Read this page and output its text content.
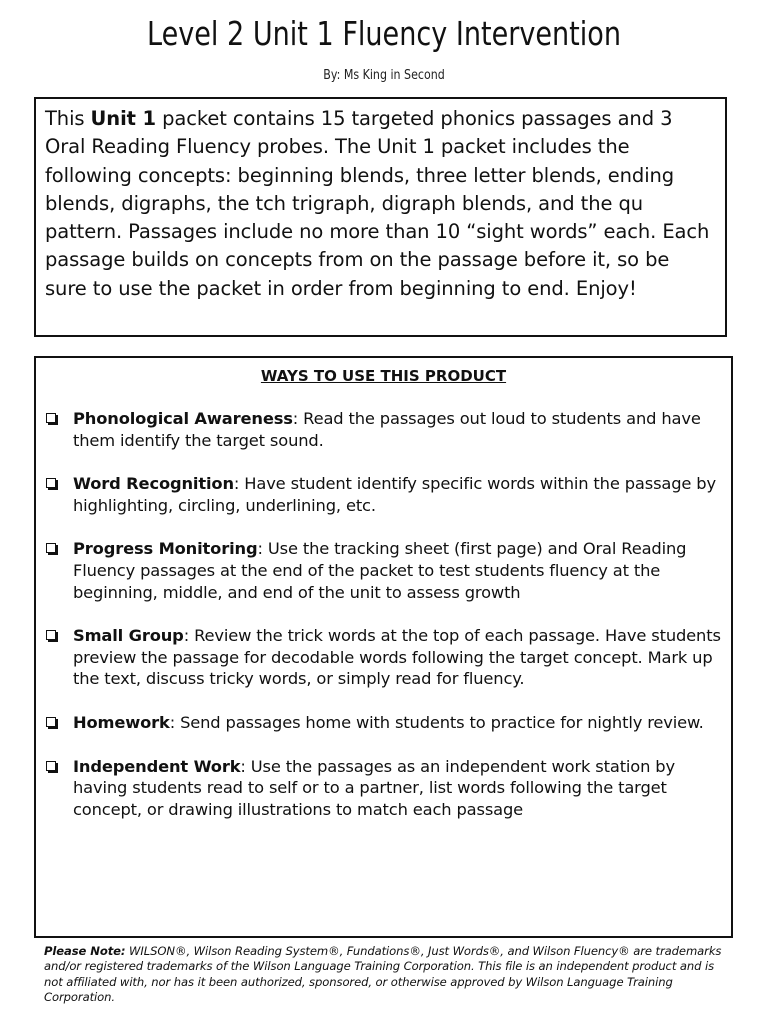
Level 2 Unit 1 Fluency Intervention
By: Ms King in Second
This Unit 1 packet contains 15 targeted phonics passages and 3 Oral Reading Fluency probes. The Unit 1 packet includes the following concepts: beginning blends, three letter blends, ending blends, digraphs, the tch trigraph, digraph blends, and the qu pattern. Passages include no more than 10 “sight words” each. Each passage builds on concepts from on the passage before it, so be sure to use the packet in order from beginning to end. Enjoy!
WAYS TO USE THIS PRODUCT
Phonological Awareness: Read the passages out loud to students and have them identify the target sound.
Word Recognition: Have student identify specific words within the passage by highlighting, circling, underlining, etc.
Progress Monitoring: Use the tracking sheet (first page) and Oral Reading Fluency passages at the end of the packet to test students fluency at the beginning, middle, and end of the unit to assess growth
Small Group: Review the trick words at the top of each passage. Have students preview the passage for decodable words following the target concept. Mark up the text, discuss tricky words, or simply read for fluency.
Homework: Send passages home with students to practice for nightly review.
Independent Work: Use the passages as an independent work station by having students read to self or to a partner, list words following the target concept, or drawing illustrations to match each passage
Please Note: WILSON®, Wilson Reading System®, Fundations®, Just Words®, and Wilson Fluency® are trademarks and/or registered trademarks of the Wilson Language Training Corporation. This file is an independent product and is not affiliated with, nor has it been authorized, sponsored, or otherwise approved by Wilson Language Training Corporation.
